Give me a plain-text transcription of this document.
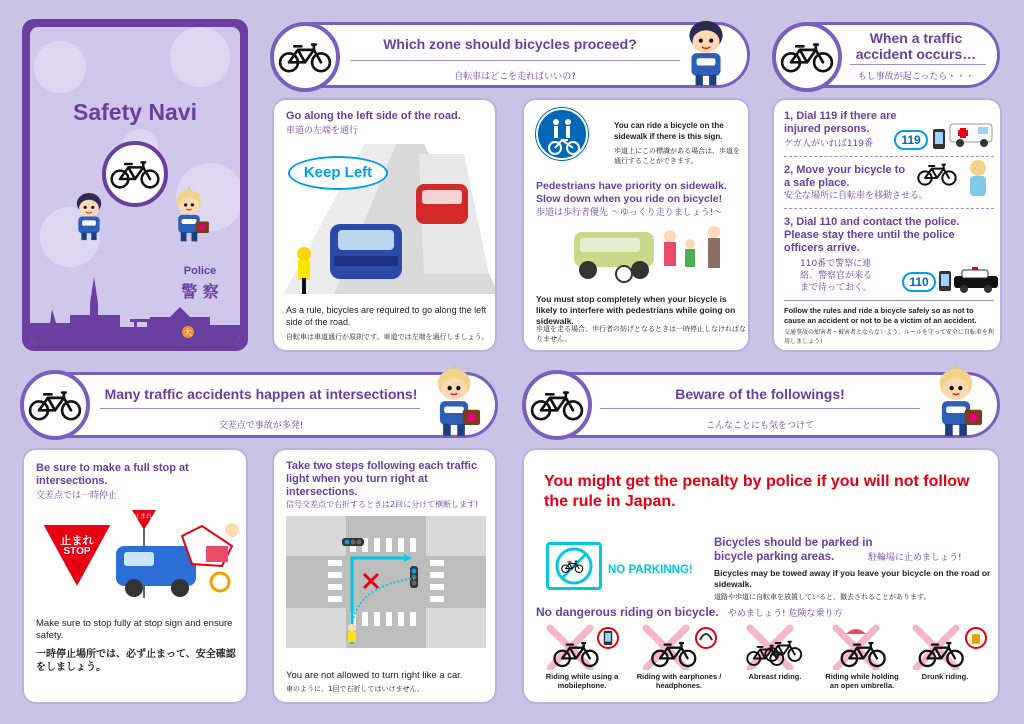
Safety Navi
大
Police
警 察
Which zone should bicycles proceed?
自転車はどこを走ればいいの?
Go along the left side of the road.
車道の左端を通行
Keep Left
As a rule, bicycles are required to go along the left side of the road.
自転車は車道通行が原則です。車道では左端を通行しましょう。
You can ride a bicycle on the sidewalk if there is this sign.
歩道上にこの標識がある場合は、歩道を通行することができます。
Pedestrians have priority on sidewalk. Slow down when you ride on bicycle!
歩道は歩行者優先 〜ゆっくり走りましょう!〜
You must stop completely when your bicycle is likely to interfere with pedestrians while going on sidewalk.
歩道を走る場合、歩行者の妨げとなるときは一時停止しなければなりません。
When a traffic
accident occurs…
もし事故が起こったら・・・
1, Dial 119 if there are injured persons.
ケガ人がいれば119番	119
2, Move your bicycle to a safe place.
安全な場所に自転車を移動させる。
3, Dial 110 and contact the police. Please stay there until the police officers arrive.
110番で警察に連絡。警察官が来るまで待っておく。	110
Follow the rules and ride a bicycle safely so as not to cause an accident or not to be a victim of an accident.
交通事故の加害者・被害者とならないよう、ルールを守って安全に自転車を利用しましょう!
Many traffic accidents happen at intersections!
交差点で事故が多発!
Be sure to make a full stop at intersections.
交差点では一時停止
止まれ
STOP
止まれ
Make sure to stop fully at stop sign and ensure safety.
一時停止場所では、必ず止まって、安全確認をしましょう。
Take two steps following each traffic light when you turn right at intersections.
信号交差点で右折するときは2回に分けて横断します!
You are not allowed to turn right like a car.
車のように、1回で右折してはいけません。
Beware of the followings!
こんなことにも気をつけて
You might get the penalty by police if you will not follow the rule in Japan.
NO PARKINNG!
Bicycles should be parked in bicycle parking areas.	駐輪場に止めましょう!
Bicycles may be towed away if you leave your bicycle on the road or sidewalk.
道路や歩道に自転車を放置していると、撤去されることがあります。
No dangerous riding on bicycle.	やめましょう! 危険な乗り方
Riding while using a mobilephone.
Riding with earphones / headphones.
Abreast riding.	Riding while holding an open umbrella.
Drunk riding.
